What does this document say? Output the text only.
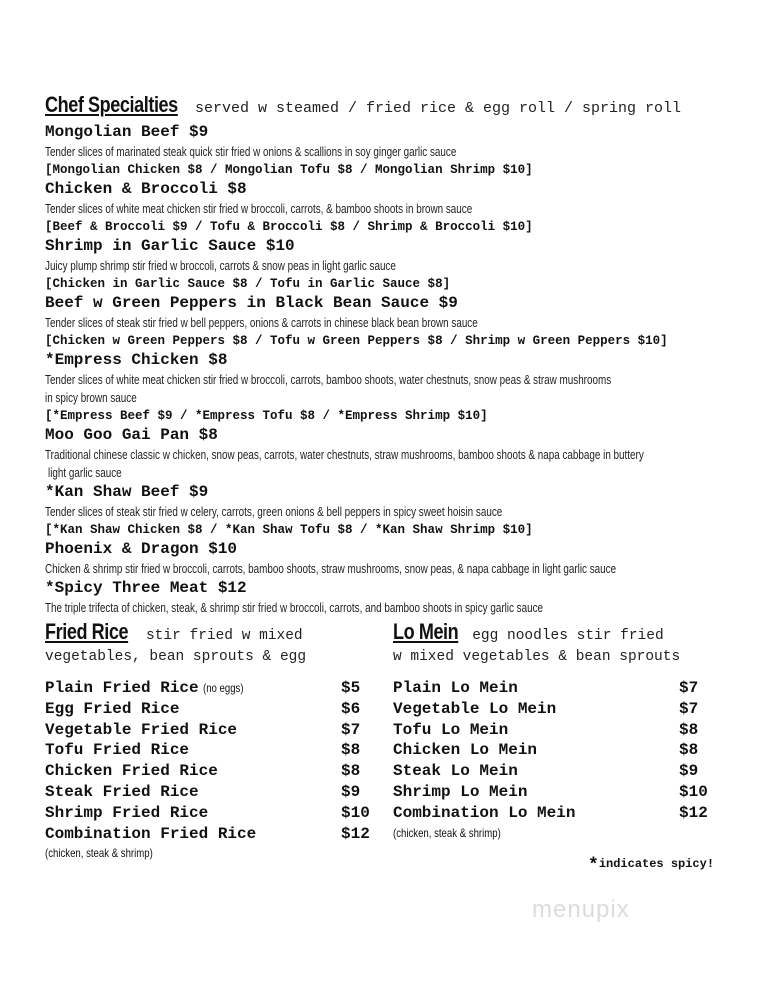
Chef Specialties served w steamed / fried rice & egg roll / spring roll
Mongolian Beef $9
Tender slices of marinated steak quick stir fried w onions & scallions in soy ginger garlic sauce
[Mongolian Chicken $8 / Mongolian Tofu $8 / Mongolian Shrimp $10]
Chicken & Broccoli $8
Tender slices of white meat chicken stir fried w broccoli, carrots, & bamboo shoots in brown sauce
[Beef & Broccoli $9 / Tofu & Broccoli $8 / Shrimp & Broccoli $10]
Shrimp in Garlic Sauce $10
Juicy plump shrimp stir fried w broccoli, carrots & snow peas in light garlic sauce
[Chicken in Garlic Sauce $8 / Tofu in Garlic Sauce $8]
Beef w Green Peppers in Black Bean Sauce $9
Tender slices of steak stir fried w bell peppers, onions & carrots in chinese black bean brown sauce
[Chicken w Green Peppers $8 / Tofu w Green Peppers $8 / Shrimp w Green Peppers $10]
*Empress Chicken $8
Tender slices of white meat chicken stir fried w broccoli, carrots, bamboo shoots, water chestnuts, snow peas & straw mushrooms
in spicy brown sauce
[*Empress Beef $9 / *Empress Tofu $8 / *Empress Shrimp $10]
Moo Goo Gai Pan $8
Traditional chinese classic w chicken, snow peas, carrots, water chestnuts, straw mushrooms, bamboo shoots & napa cabbage in buttery
light garlic sauce
*Kan Shaw Beef $9
Tender slices of steak stir fried w celery, carrots, green onions & bell peppers in spicy sweet hoisin sauce
[*Kan Shaw Chicken $8 / *Kan Shaw Tofu $8 / *Kan Shaw Shrimp $10]
Phoenix & Dragon $10
Chicken & shrimp stir fried w broccoli, carrots, bamboo shoots, straw mushrooms, snow peas, & napa cabbage in light garlic sauce
*Spicy Three Meat $12
The triple trifecta of chicken, steak, & shrimp stir fried w broccoli, carrots, and bamboo shoots in spicy garlic sauce
Fried Rice stir fried w mixed
vegetables, bean sprouts & egg
Plain Fried Rice (no eggs)	$5
Egg Fried Rice	$6
Vegetable Fried Rice	$7
Tofu Fried Rice	$8
Chicken Fried Rice	$8
Steak Fried Rice	$9
Shrimp Fried Rice	$10
Combination Fried Rice	$12
(chicken, steak & shrimp)
Lo Mein egg noodles stir fried
w mixed vegetables & bean sprouts
Plain Lo Mein	$7
Vegetable Lo Mein	$7
Tofu Lo Mein	$8
Chicken Lo Mein	$8
Steak Lo Mein	$9
Shrimp Lo Mein	$10
Combination Lo Mein	$12
(chicken, steak & shrimp)
*indicates spicy!
menupix
